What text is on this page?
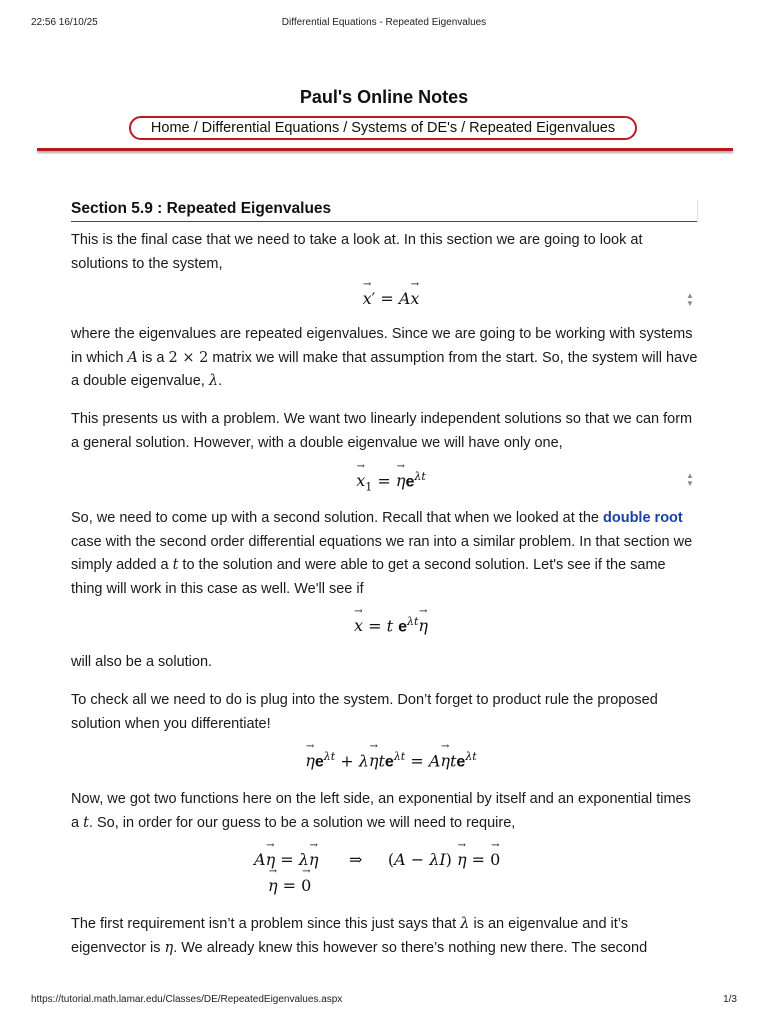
22:56 16/10/25	Differential Equations - Repeated Eigenvalues
Paul's Online Notes
Home / Differential Equations / Systems of DE's / Repeated Eigenvalues
Section 5.9 : Repeated Eigenvalues
This is the final case that we need to take a look at. In this section we are going to look at solutions to the system,
→ x′ = A→ x	▲
▼
where the eigenvalues are repeated eigenvalues. Since we are going to be working with systems in which A is a 2 × 2 matrix we will make that assumption from the start. So, the system will have a double eigenvalue, λ.
This presents us with a problem. We want two linearly independent solutions so that we can form a general solution. However, with a double eigenvalue we will have only one,
→ $x_1$ = → $\eta e^{\lambda t}$	▲
▼
So, we need to come up with a second solution. Recall that when we looked at the double root case with the second order differential equations we ran into a similar problem. In that section we simply added a t to the solution and were able to get a second solution. Let's see if the same thing will work in this case as well. We'll see if
→ x = t $e^{\lambda t}\to \eta$
will also be a solution.
To check all we need to do is plug into the system. Don’t forget to product rule the proposed solution when you differentiate!
→ $\eta e^{\lambda t} + \lambda\to \eta te^{\lambda t} = A\to \eta te^{\lambda t}$
Now, we got two functions here on the left side, an exponential by itself and an exponential times a t. So, in order for our guess to be a solution we will need to require,
A→ η = λ→ η      ⇒     (A − λI) → η = → 0
→ η = → 0
The first requirement isn’t a problem since this just says that λ is an eigenvalue and it’s eigenvector is η. We already knew this however so there’s nothing new there. The second
https://tutorial.math.lamar.edu/Classes/DE/RepeatedEigenvalues.aspx	1/3
